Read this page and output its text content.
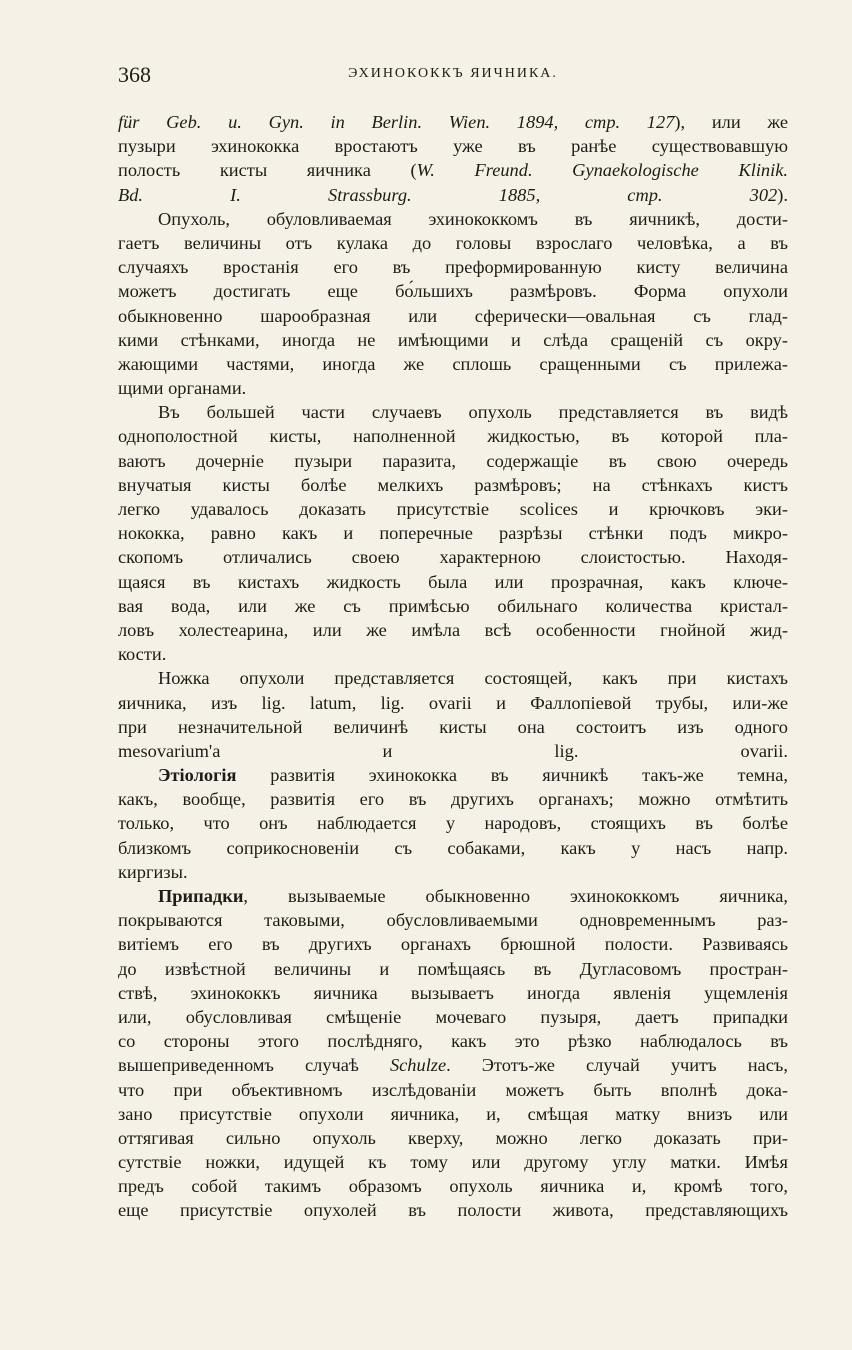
368	ЭХИНОКОККЪ ЯИЧНИКА.
für Geb. u. Gyn. in Berlin. Wien. 1894, стр. 127), или же
пузыри эхинококка вростаютъ уже въ ранѣе существовавшую
полость кисты яичника (W. Freund. Gynaekologische Klinik.
Bd. I. Strassburg. 1885, стр. 302).
Опухоль, обуловливаемая эхинококкомъ въ яичникѣ, дости-
гаетъ величины отъ кулака до головы взрослаго человѣка, а въ
случаяхъ вростанія его въ преформированную кисту величина
можетъ достигать еще бо́льшихъ размѣровъ. Форма опухоли
обыкновенно шарообразная или сферически—овальная съ глад-
кими стѣнками, иногда не имѣющими и слѣда сращеній съ окру-
жающими частями, иногда же сплошь сращенными съ прилежа-
щими органами.
Въ большей части случаевъ опухоль представляется въ видѣ
однополостной кисты, наполненной жидкостью, въ которой пла-
ваютъ дочерніе пузыри паразита, содержащіе въ свою очередь
внучатыя кисты болѣе мелкихъ размѣровъ; на стѣнкахъ кистъ
легко удавалось доказать присутствіе scolices и крючковъ эки-
нококка, равно какъ и поперечные разрѣзы стѣнки подъ микро-
скопомъ отличались своею характерною слоистостью. Находя-
щаяся въ кистахъ жидкость была или прозрачная, какъ ключе-
вая вода, или же съ примѣсью обильнаго количества кристал-
ловъ холестеарина, или же имѣла всѣ особенности гнойной жид-
кости.
Ножка опухоли представляется состоящей, какъ при кистахъ
яичника, изъ lig. latum, lig. ovarii и Фаллопіевой трубы, или-же
при незначительной величинѣ кисты она состоитъ изъ одного
mesovarium'а и lig. ovarii.
Этіологія развитія эхинококка въ яичникѣ такъ-же темна,
какъ, вообще, развитія его въ другихъ органахъ; можно отмѣтить
только, что онъ наблюдается у народовъ, стоящихъ въ болѣе
близкомъ соприкосновеніи съ собаками, какъ у насъ напр.
киргизы.
Припадки, вызываемые обыкновенно эхинококкомъ яичника,
покрываются таковыми, обусловливаемыми одновременнымъ раз-
витіемъ его въ другихъ органахъ брюшной полости. Развиваясь
до извѣстной величины и помѣщаясь въ Дугласовомъ простран-
ствѣ, эхинококкъ яичника вызываетъ иногда явленія ущемленія
или, обусловливая смѣщеніе мочеваго пузыря, даетъ припадки
со стороны этого послѣдняго, какъ это рѣзко наблюдалось въ
вышеприведенномъ случаѣ Schulze. Этотъ-же случай учитъ насъ,
что при объективномъ изслѣдованіи можетъ быть вполнѣ дока-
зано присутствіе опухоли яичника, и, смѣщая матку внизъ или
оттягивая сильно опухоль кверху, можно легко доказать при-
сутствіе ножки, идущей къ тому или другому углу матки. Имѣя
предъ собой такимъ образомъ опухоль яичника и, кромѣ того,
еще присутствіе опухолей въ полости живота, представляющихъ
